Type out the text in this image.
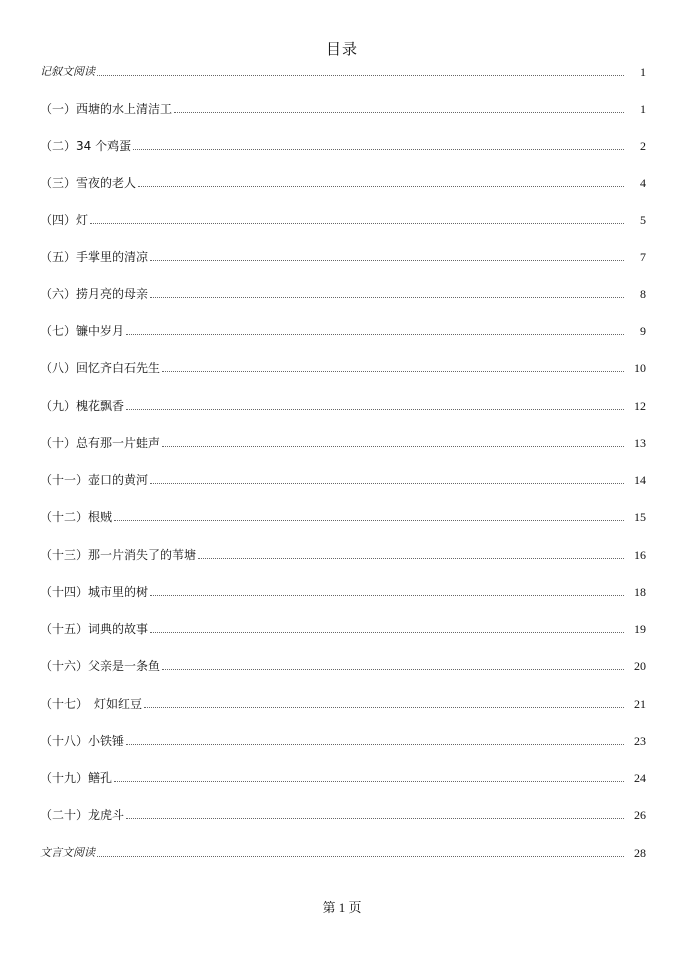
目录
记叙文阅读	1
（一）西塘的水上清洁工	1
（二）34 个鸡蛋	2
（三）雪夜的老人	4
（四）灯	5
（五）手掌里的清凉	7
（六）捞月亮的母亲	8
（七）镰中岁月	9
（八）回忆齐白石先生	10
（九）槐花飘香	12
（十）总有那一片蛙声	13
（十一）壶口的黄河	14
（十二）根贼	15
（十三）那一片消失了的苇塘	16
（十四）城市里的树	18
（十五）词典的故事	19
（十六）父亲是一条鱼	20
（十七）　灯如红豆	21
（十八）小铁锤	23
（十九）鳝孔	24
（二十）龙虎斗	26
文言文阅读	28
第 1 页
